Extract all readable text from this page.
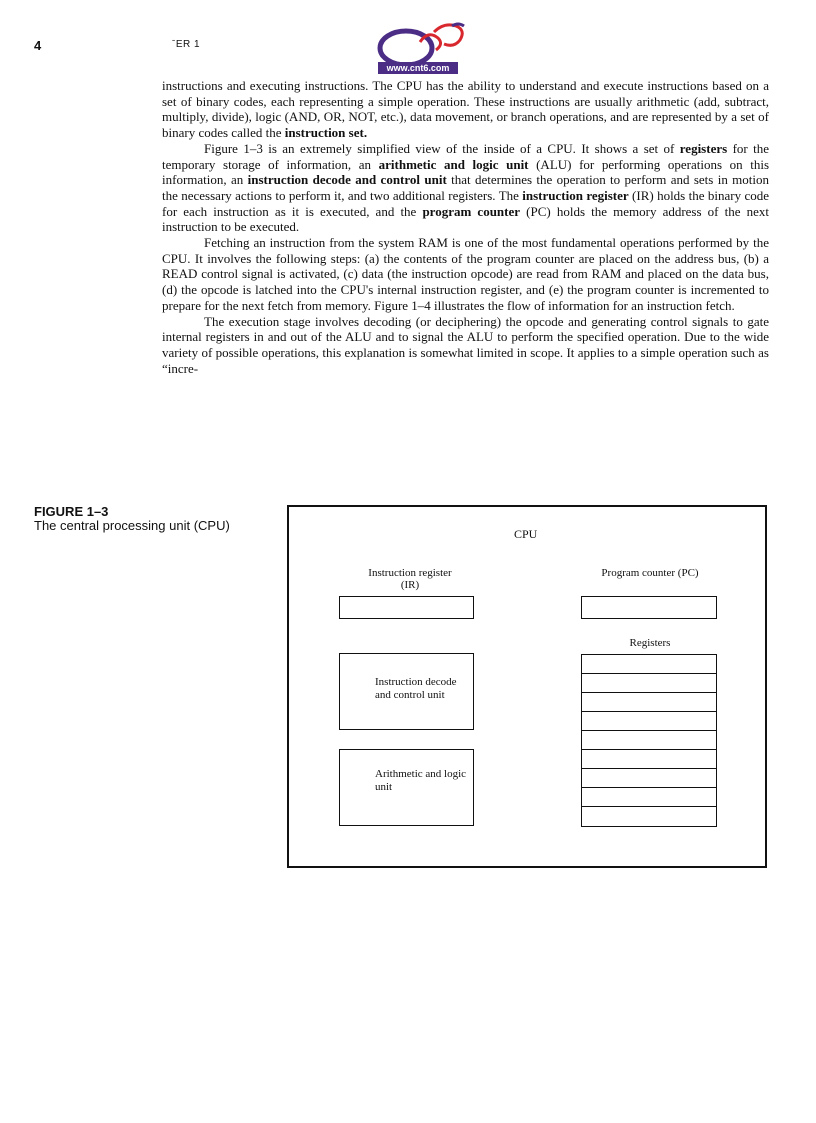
4	ˉER 1
www.cnt6.com

instructions and executing instructions. The CPU has the ability to understand and execute instructions based on a set of binary codes, each representing a simple operation. These instructions are usually arithmetic (add, subtract, multiply, divide), logic (AND, OR, NOT, etc.), data movement, or branch operations, and are represented by a set of binary codes called the instruction set.

Figure 1–3 is an extremely simplified view of the inside of a CPU. It shows a set of registers for the temporary storage of information, an arithmetic and logic unit (ALU) for performing operations on this information, an instruction decode and control unit that determines the operation to perform and sets in motion the necessary actions to perform it, and two additional registers. The instruction register (IR) holds the binary code for each instruction as it is executed, and the program counter (PC) holds the memory address of the next instruction to be executed.

Fetching an instruction from the system RAM is one of the most fundamental operations performed by the CPU. It involves the following steps: (a) the contents of the program counter are placed on the address bus, (b) a READ control signal is activated, (c) data (the instruction opcode) are read from RAM and placed on the data bus, (d) the opcode is latched into the CPU's internal instruction register, and (e) the program counter is incremented to prepare for the next fetch from memory. Figure 1–4 illustrates the flow of information for an instruction fetch.

The execution stage involves decoding (or deciphering) the opcode and generating control signals to gate internal registers in and out of the ALU and to signal the ALU to perform the specified operation. Due to the wide variety of possible operations, this explanation is somewhat limited in scope. It applies to a simple operation such as “incre-

FIGURE 1–3
The central processing unit (CPU)
CPU
Instruction register (IR)
Program counter (PC)
Registers
Instruction decode and control unit
Arithmetic and logic unit
